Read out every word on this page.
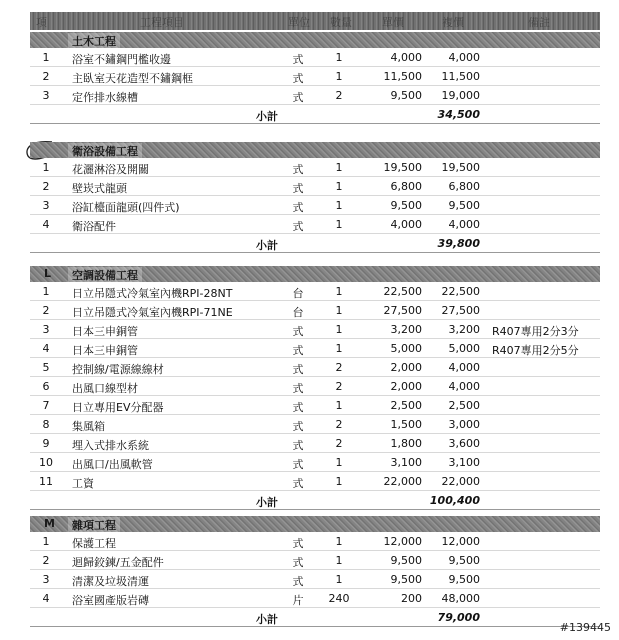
項	工程項目	單位 數量	單價	複價	備註
土木工程
1	浴室不鏽鋼門檻收邊	式	1	4,000	4,000
2	主臥室天花造型不鏽鋼框	式	1	11,500	11,500
3	定作排水線槽	式	2	9,500	19,000
小計	34,500
衛浴設備工程
1	花灑淋浴及開關	式	1	19,500	19,500
2	壁崁式龍頭	式	1	6,800	6,800
3	浴缸檯面龍頭(四件式)	式	1	9,500	9,500
4	衛浴配件	式	1	4,000	4,000
小計	39,800
L	空調設備工程
1	日立吊隱式冷氣室內機RPI-28NT	台	1	22,500	22,500
2	日立吊隱式冷氣室內機RPI-71NE	台	1	27,500	27,500
3	日本三申銅管	式	1	3,200	3,200 R407專用2分3分
4	日本三申銅管	式	1	5,000	5,000 R407專用2分5分
5	控制線/電源線線材	式	2	2,000	4,000
6	出風口線型材	式	2	2,000	4,000
7	日立專用EV分配器	式	1	2,500	2,500
8	集風箱	式	2	1,500	3,000
9	埋入式排水系統	式	2	1,800	3,600
10 出風口/出風軟管	式	1	3,100	3,100
11 工資	式	1	22,000	22,000
小計	100,400
M	雜項工程
1	保護工程	式	1	12,000	12,000
2	迴歸鉸鍊/五金配件	式	1	9,500	9,500
3	清潔及垃圾清運	式	1	9,500	9,500
4	浴室國產版岩磚	片	240	200	48,000
小計	79,000
#139445
